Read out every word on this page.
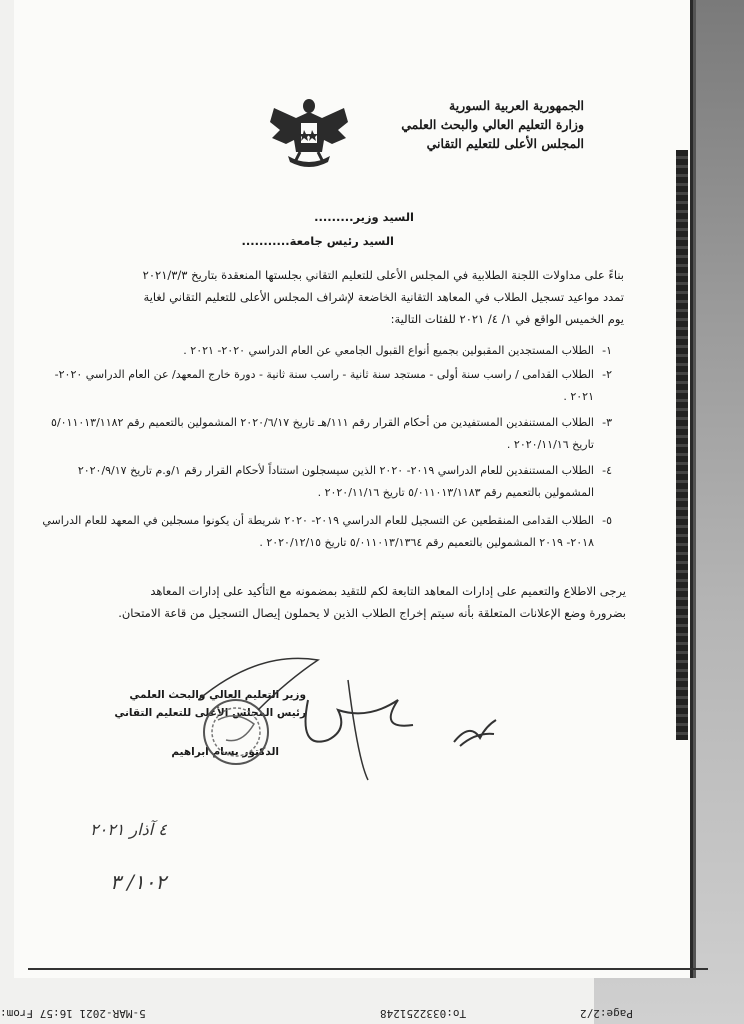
الجمهورية العربية السورية
وزارة التعليم العالي والبحث العلمي
المجلس الأعلى للتعليم التقاني
السيد وزير.........
السيد رئيس جامعة...........
بناءً على مداولات اللجنة الطلابية في المجلس الأعلى للتعليم التقاني بجلستها المنعقدة بتاريخ ٢٠٢١/٣/٣ تمدد مواعيد تسجيل الطلاب في المعاهد التقانية الخاضعة لإشراف المجلس الأعلى للتعليم التقاني لغاية يوم الخميس الواقع في ١/ ٤/ ٢٠٢١ للفئات التالية:
١-
الطلاب المستجدين المقبولين بجميع أنواع القبول الجامعي عن العام الدراسي ٢٠٢٠- ٢٠٢١ .
٢-
الطلاب القدامى / راسب سنة أولى - مستجد سنة ثانية - راسب سنة ثانية - دورة خارج المعهد/ عن العام الدراسي ٢٠٢٠- ٢٠٢١ .
٣-
الطلاب المستنفدين المستفيدين من أحكام القرار رقم ١١١/هـ تاريخ ٢٠٢٠/٦/١٧ المشمولين بالتعميم رقم ٥/٠١١٠١٣/١١٨٢ تاريخ ٢٠٢٠/١١/١٦ .
٤-
الطلاب المستنفدين للعام الدراسي ٢٠١٩- ٢٠٢٠ الذين سيسجلون استناداً لأحكام القرار رقم ١/و.م تاريخ ٢٠٢٠/٩/١٧ المشمولين بالتعميم رقم ٥/٠١١٠١٣/١١٨٣ تاريخ ٢٠٢٠/١١/١٦ .
٥-
الطلاب القدامى المنقطعين عن التسجيل للعام الدراسي ٢٠١٩- ٢٠٢٠ شريطة أن يكونوا مسجلين في المعهد للعام الدراسي ٢٠١٨- ٢٠١٩ المشمولين بالتعميم رقم ٥/٠١١٠١٣/١٣٦٤ تاريخ ٢٠٢٠/١٢/١٥ .
يرجى الاطلاع والتعميم على إدارات المعاهد التابعة لكم للتقيد بمضمونه مع التأكيد على إدارات المعاهد بضرورة وضع الإعلانات المتعلقة بأنه سيتم إخراج الطلاب الذين لا يحملون إيصال التسجيل من قاعة الامتحان.
وزير التعليم العالي والبحث العلمي
رئيس المجلس الأعلى للتعليم التقاني
الدكتور بسام ابراهيم
٤ آذار ٢٠٢١
١٠٢/ ٣
5-MAR-2021 16:57 From:	To:0332251248	Page:2/2
